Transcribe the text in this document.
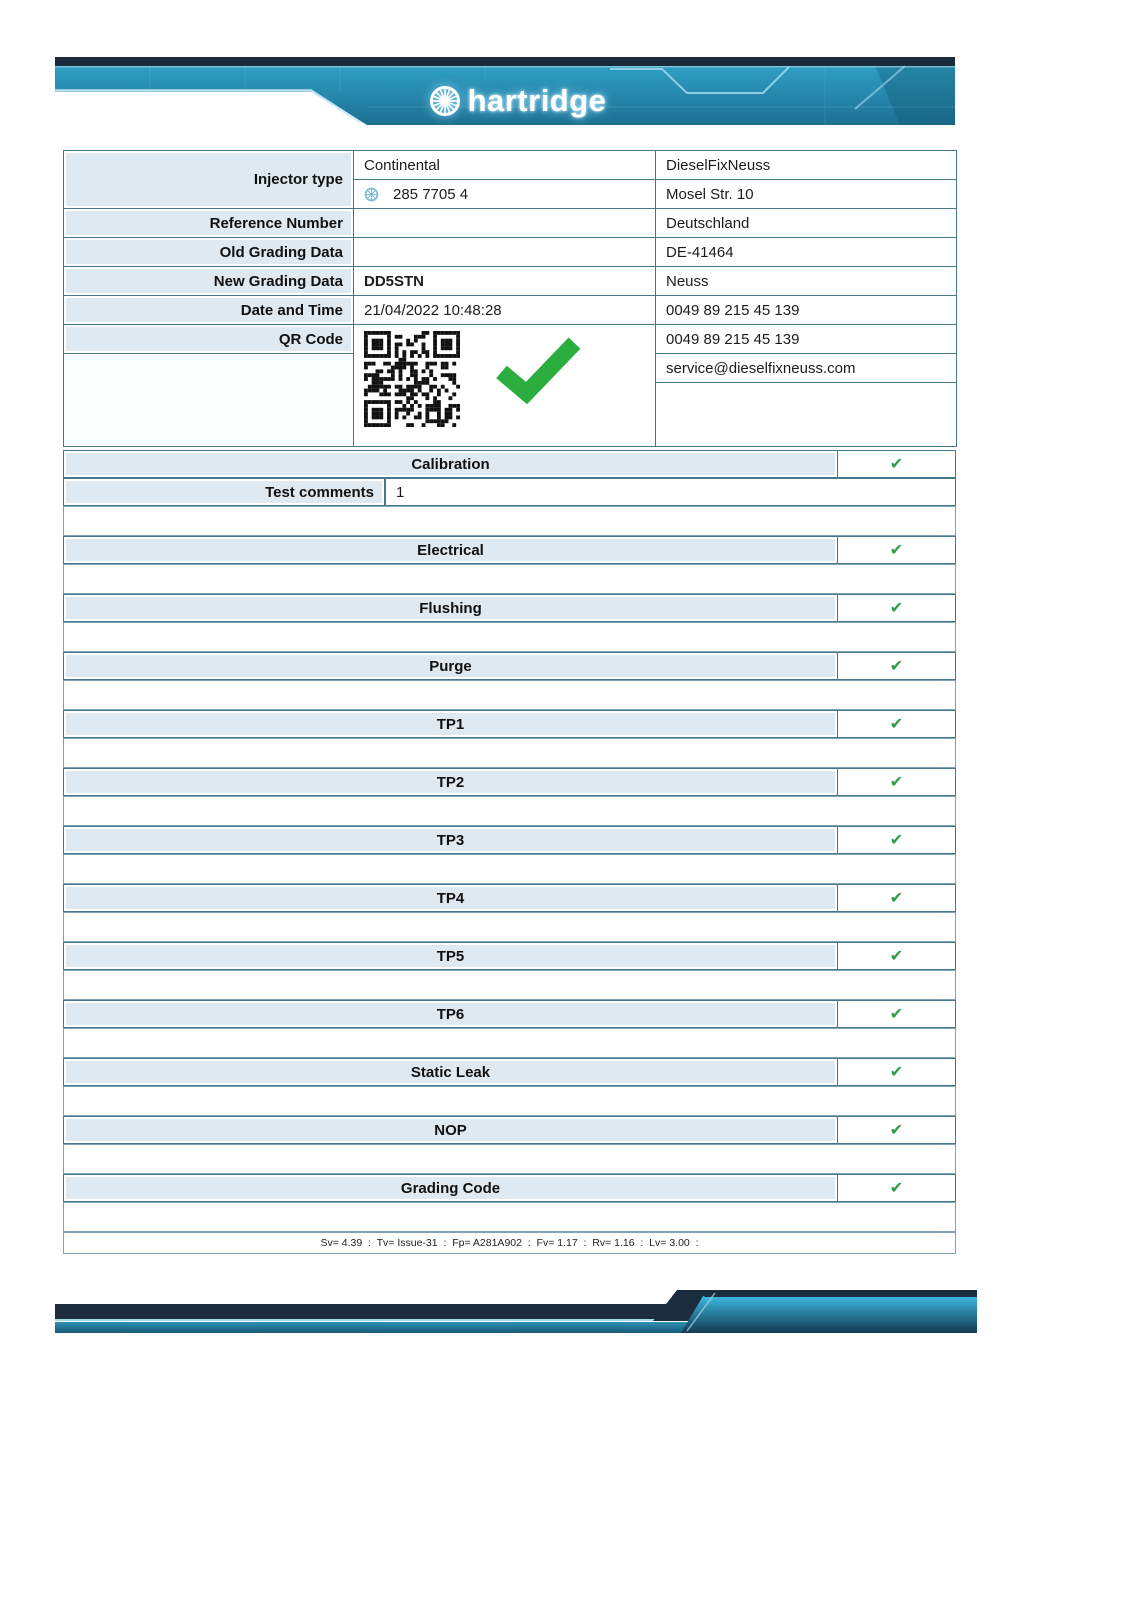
hartridge
Injector type	Continental	DieselFixNeuss

	285 7705 4	Mosel Str. 10
Reference Number		Deutschland
Old Grading Data		DE-41464
New Grading Data	DD5STN	Neuss
Date and Time	21/04/2022 10:48:28	0049 89 215 45 139
QR Code		0049 89 215 45 139
		service@dieselfixneuss.com

Calibration	✔
Test comments	1
Electrical	✔
Flushing	✔
Purge	✔
TP1	✔
TP2	✔
TP3	✔
TP4	✔
TP5	✔
TP6	✔
Static Leak	✔
NOP	✔
Grading Code	✔
Sv= 4.39  :  Tv= Issue-31  :  Fp= A281A902  :  Fv= 1.17  :  Rv= 1.16  :  Lv= 3.00  :
